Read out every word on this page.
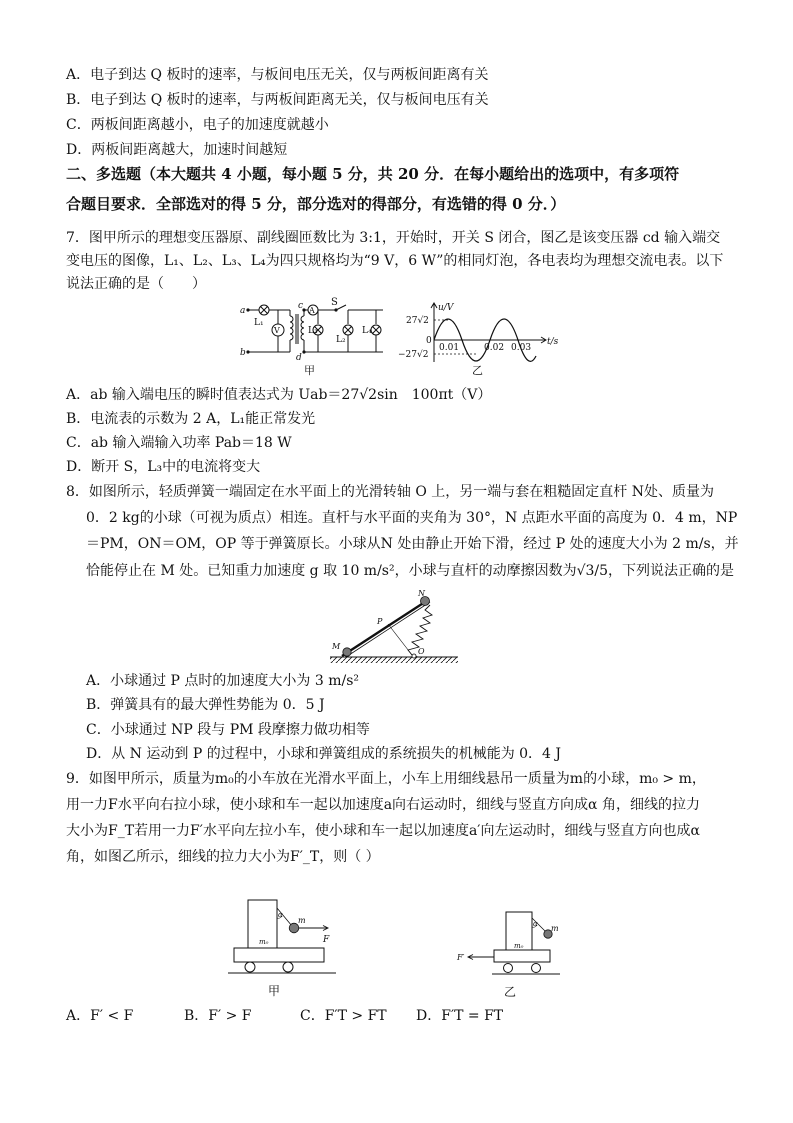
A．电子到达 Q 板时的速率，与板间电压无关，仅与两板间距离有关
B．电子到达 Q 板时的速率，与两板间距离无关，仅与板间电压有关
C．两板间距离越小，电子的加速度就越小
D．两板间距离越大，加速时间越短
二、多选题（本大题共 4 小题，每小题 5 分，共 20 分．在每小题给出的选项中，有多项符
合题目要求．全部选对的得 5 分，部分选对的得部分，有选错的得 0 分．）
7．图甲所示的理想变压器原、副线圈匝数比为 3:1，开始时，开关 S 闭合，图乙是该变压器 cd 输入端交
变电压的图像，L₁、L₂、L₃、L₄为四只规格均为“9 V，6 W”的相同灯泡，各电表均为理想交流电表。以下
说法正确的是（　　）
a
b
c
d
L₁
V
A
S
L₃
L₂
L₄
甲
u/V
t/s
27√2
−27√2
0
0.01	0.02 0.03
乙
A．ab 输入端电压的瞬时值表达式为 Uab＝27√2sin　100πt（V）
B．电流表的示数为 2 A，L₁能正常发光
C．ab 输入端输入功率 Pab＝18 W
D．断开 S，L₃中的电流将变大
8．如图所示，轻质弹簧一端固定在水平面上的光滑转轴 O 上，另一端与套在粗糙固定直杆 N处、质量为
0．2 kg的小球（可视为质点）相连。直杆与水平面的夹角为 30°，N 点距水平面的高度为 0．4 m，NP
＝PM，ON＝OM，OP 等于弹簧原长。小球从N 处由静止开始下滑，经过 P 处的速度大小为 2 m/s，并
恰能停止在 M 处。已知重力加速度 g 取 10 m/s²，小球与直杆的动摩擦因数为√3/5，下列说法正确的是
M
N
P
O
A．小球通过 P 点时的加速度大小为 3 m/s²
B．弹簧具有的最大弹性势能为 0．5 J
C．小球通过 NP 段与 PM 段摩擦力做功相等
D．从 N 运动到 P 的过程中，小球和弹簧组成的系统损失的机械能为 0．4 J
9．如图甲所示，质量为m₀的小车放在光滑水平面上，小车上用细线悬吊一质量为m的小球，m₀ > m，
用一力F水平向右拉小球，使小球和车一起以加速度a向右运动时，细线与竖直方向成α 角，细线的拉力
大小为F_T若用一力F′水平向左拉小车，使小球和车一起以加速度a′向左运动时，细线与竖直方向也成α
角，如图乙所示，细线的拉力大小为F′_T，则（ ）
m₀
m
α
F
甲
m₀
m
α
F′
乙
A．F′ < F	B．F′ > F	C．F′T > FT D．F′T = FT
